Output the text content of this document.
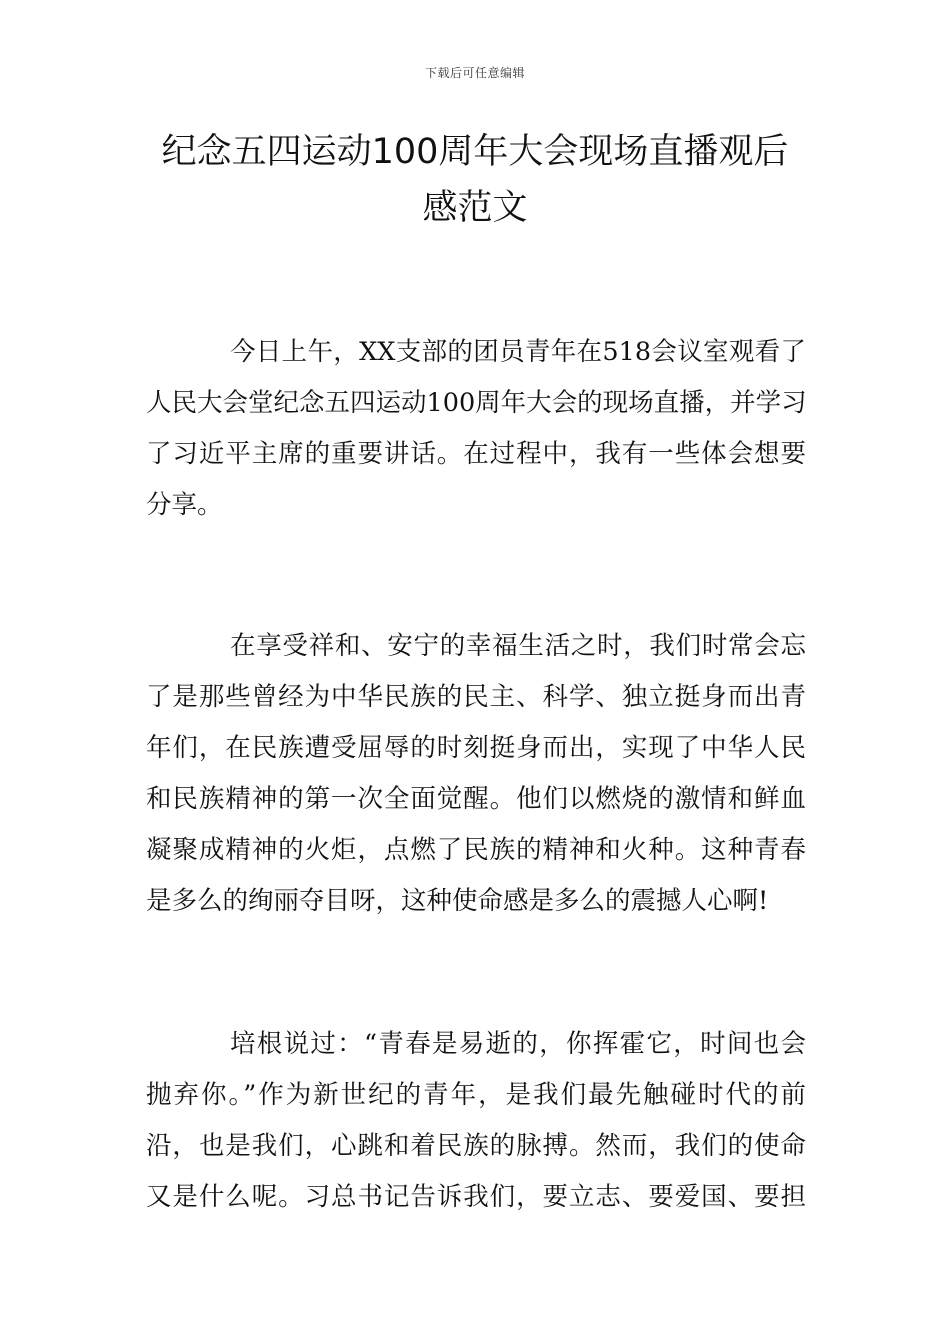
下载后可任意编辑
纪念五四运动100周年大会现场直播观后
感范文

今日上午，XX支部的团员青年在518会议室观看了
人民大会堂纪念五四运动100周年大会的现场直播，并学习
了习近平主席的重要讲话。在过程中，我有一些体会想要
分享。

在享受祥和、安宁的幸福生活之时，我们时常会忘
了是那些曾经为中华民族的民主、科学、独立挺身而出青
年们，在民族遭受屈辱的时刻挺身而出，实现了中华人民
和民族精神的第一次全面觉醒。他们以燃烧的激情和鲜血
凝聚成精神的火炬，点燃了民族的精神和火种。这种青春
是多么的绚丽夺目呀，这种使命感是多么的震撼人心啊!

培根说过：“青春是易逝的，你挥霍它，时间也会
抛弃你。”作为新世纪的青年，是我们最先触碰时代的前
沿，也是我们，心跳和着民族的脉搏。然而，我们的使命
又是什么呢。习总书记告诉我们，要立志、要爱国、要担
